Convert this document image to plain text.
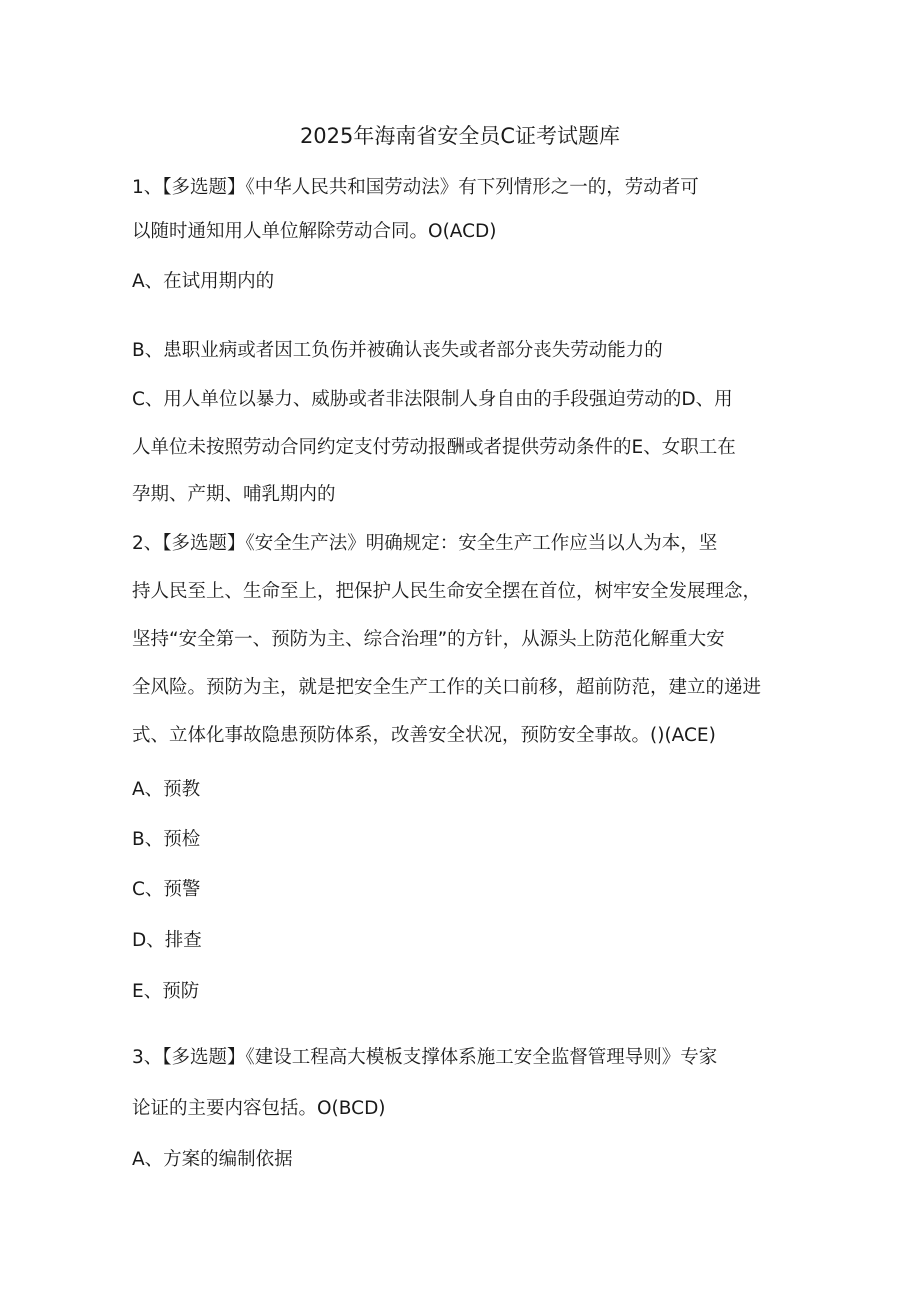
2025年海南省安全员C证考试题库
1、【多选题】《中华人民共和国劳动法》有下列情形之一的，劳动者可
以随时通知用人单位解除劳动合同。O(ACD)
A、在试用期内的
B、患职业病或者因工负伤并被确认丧失或者部分丧失劳动能力的
C、用人单位以暴力、威胁或者非法限制人身自由的手段强迫劳动的D、用
人单位未按照劳动合同约定支付劳动报酬或者提供劳动条件的E、女职工在
孕期、产期、哺乳期内的
2、【多选题】《安全生产法》明确规定：安全生产工作应当以人为本，坚
持人民至上、生命至上，把保护人民生命安全摆在首位，树牢安全发展理念，
坚持“安全第一、预防为主、综合治理”的方针，从源头上防范化解重大安
全风险。预防为主，就是把安全生产工作的关口前移，超前防范，建立的递进
式、立体化事故隐患预防体系，改善安全状况，预防安全事故。()(ACE)
A、预教
B、预检
C、预警
D、排查
E、预防
3、【多选题】《建设工程高大模板支撑体系施工安全监督管理导则》专家
论证的主要内容包括。O(BCD)
A、方案的编制依据
